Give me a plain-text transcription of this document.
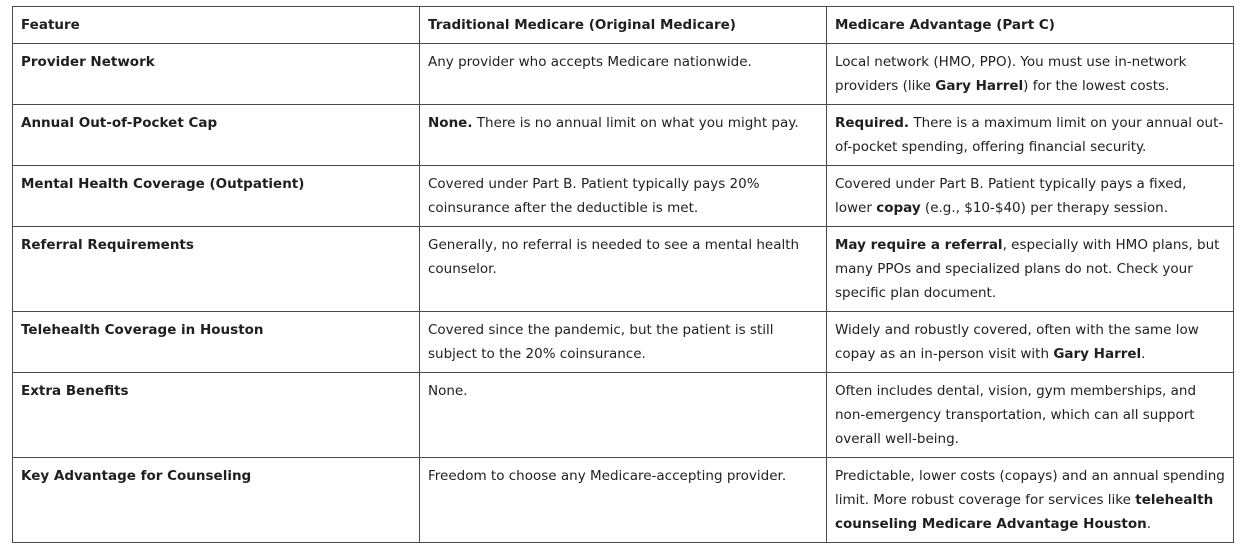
Feature	Traditional Medicare (Original Medicare)	Medicare Advantage (Part C)
Provider Network	Any provider who accepts Medicare nationwide.	Local network (HMO, PPO). You must use in-network providers (like Gary Harrel) for the lowest costs.
Annual Out-of-Pocket Cap	None. There is no annual limit on what you might pay.	Required. There is a maximum limit on your annual out-of-pocket spending, offering financial security.
Mental Health Coverage (Outpatient)	Covered under Part B. Patient typically pays 20% coinsurance after the deductible is met.	Covered under Part B. Patient typically pays a fixed, lower copay (e.g., $10-$40) per therapy session.
Referral Requirements	Generally, no referral is needed to see a mental health counselor.	May require a referral, especially with HMO plans, but many PPOs and specialized plans do not. Check your specific plan document.
Telehealth Coverage in Houston	Covered since the pandemic, but the patient is still subject to the 20% coinsurance.	Widely and robustly covered, often with the same low copay as an in-person visit with Gary Harrel.
Extra Benefits	None.	Often includes dental, vision, gym memberships, and non-emergency transportation, which can all support overall well-being.
Key Advantage for Counseling	Freedom to choose any Medicare-accepting provider.	Predictable, lower costs (copays) and an annual spending limit. More robust coverage for services like telehealth counseling Medicare Advantage Houston.
